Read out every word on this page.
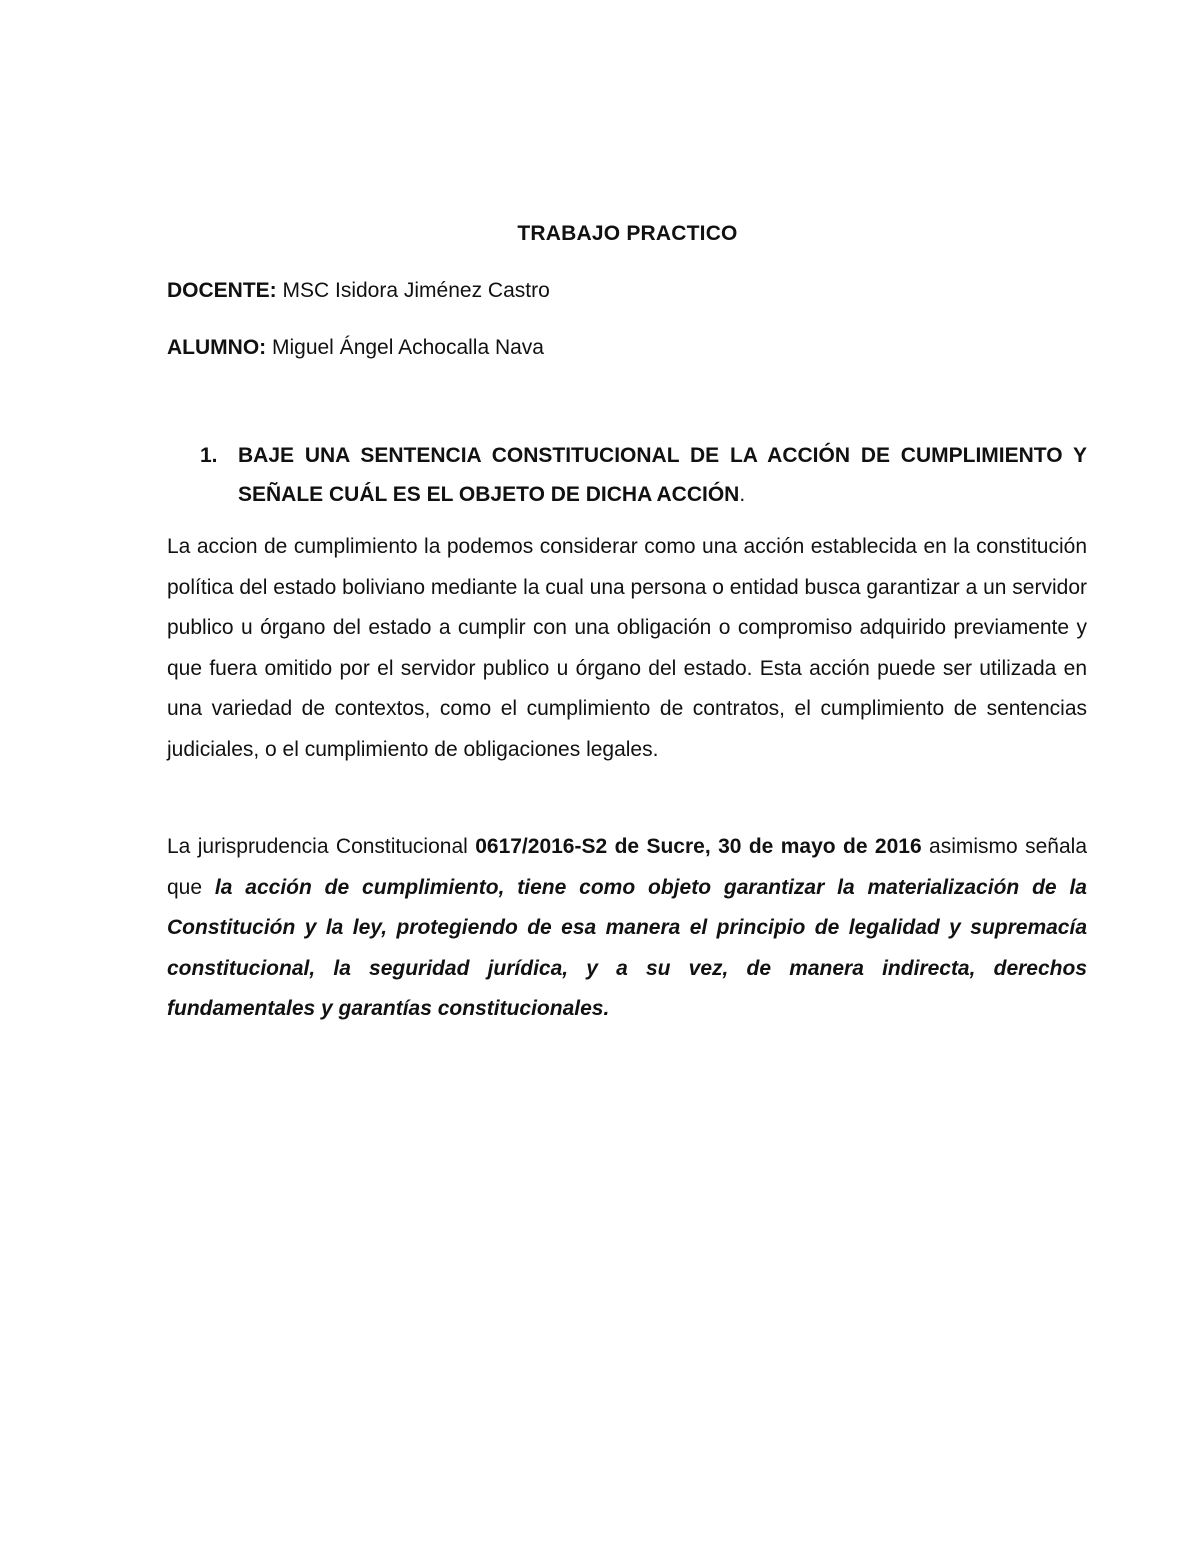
TRABAJO PRACTICO
DOCENTE: MSC Isidora Jiménez Castro
ALUMNO: Miguel Ángel Achocalla Nava
1. BAJE UNA SENTENCIA CONSTITUCIONAL DE LA ACCIÓN DE CUMPLIMIENTO Y SEÑALE CUÁL ES EL OBJETO DE DICHA ACCIÓN.
La accion de cumplimiento la podemos considerar como una acción establecida en la constitución política del estado boliviano mediante la cual una persona o entidad busca garantizar a un servidor publico u órgano del estado a cumplir con una obligación o compromiso adquirido previamente y que fuera omitido por el servidor publico u órgano del estado. Esta acción puede ser utilizada en una variedad de contextos, como el cumplimiento de contratos, el cumplimiento de sentencias judiciales, o el cumplimiento de obligaciones legales.
La jurisprudencia Constitucional 0617/2016-S2 de Sucre, 30 de mayo de 2016 asimismo señala que la acción de cumplimiento, tiene como objeto garantizar la materialización de la Constitución y la ley, protegiendo de esa manera el principio de legalidad y supremacía constitucional, la seguridad jurídica, y a su vez, de manera indirecta, derechos fundamentales y garantías constitucionales.
